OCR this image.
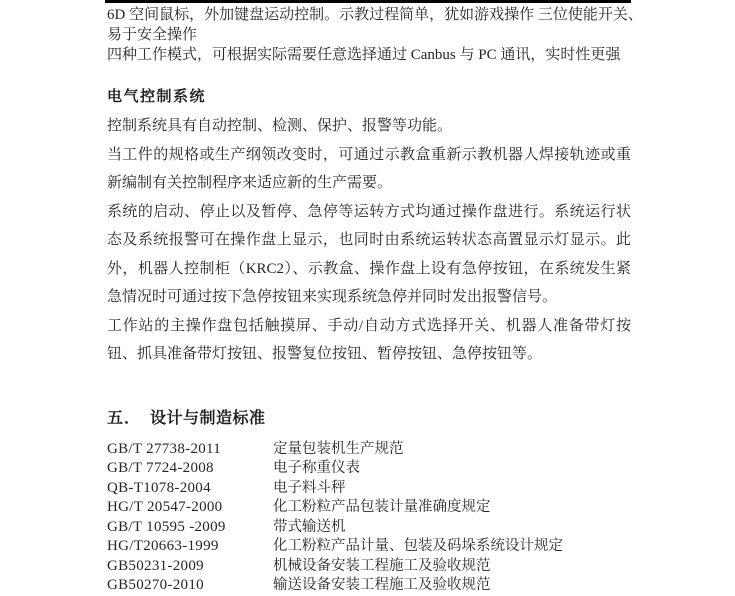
6D 空间鼠标，外加键盘运动控制。示教过程简单，犹如游戏操作 三位使能开关、易于安全操作

四种工作模式，可根据实际需要任意选择通过 Canbus 与 PC 通讯，实时性更强

电气控制系统

控制系统具有自动控制、检测、保护、报警等功能。

当工件的规格或生产纲领改变时，可通过示教盒重新示教机器人焊接轨迹或重新编制有关控制程序来适应新的生产需要。

系统的启动、停止以及暂停、急停等运转方式均通过操作盘进行。系统运行状态及系统报警可在操作盘上显示，也同时由系统运转状态高置显示灯显示。此外，机器人控制柜（KRC2）、示教盒、操作盘上设有急停按钮，在系统发生紧急情况时可通过按下急停按钮来实现系统急停并同时发出报警信号。

工作站的主操作盘包括触摸屏、手动/自动方式选择开关、机器人准备带灯按钮、抓具准备带灯按钮、报警复位按钮、暂停按钮、急停按钮等。

五． 设计与制造标准
GB/T 27738-2011	定量包装机生产规范
GB/T 7724-2008	电子称重仪表
QB-T1078-2004	电子料斗秤
HG/T 20547-2000	化工粉粒产品包装计量准确度规定
GB/T 10595 -2009	带式输送机
HG/T20663-1999	化工粉粒产品计量、包装及码垛系统设计规定
GB50231-2009	机械设备安装工程施工及验收规范
GB50270-2010	输送设备安装工程施工及验收规范
